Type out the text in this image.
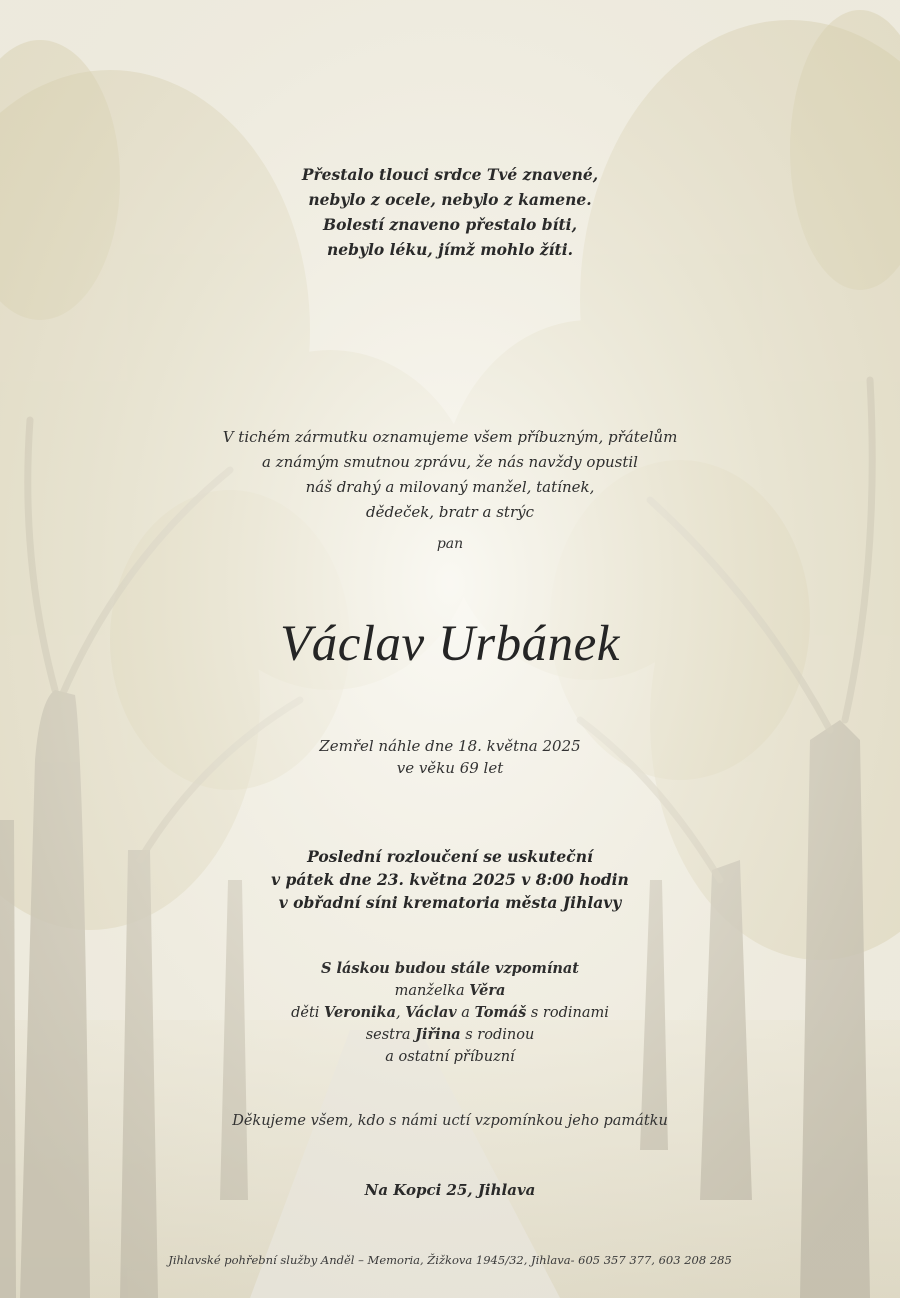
Přestalo tlouci srdce Tvé znavené,
nebylo z ocele, nebylo z kamene.
Bolestí znaveno přestalo bíti,
nebylo léku, jímž mohlo žíti.
V tichém zármutku oznamujeme všem příbuzným, přátelům
a známým smutnou zprávu, že nás navždy opustil
náš drahý a milovaný manžel, tatínek,
dědeček, bratr a strýc
pan
Václav Urbánek
Zemřel náhle dne 18. května 2025
ve věku 69 let
Poslední rozloučení se uskuteční
v pátek dne 23. května 2025 v 8:00 hodin
v obřadní síni krematoria města Jihlavy
S láskou budou stále vzpomínat
manželka Věra
děti Veronika, Václav a Tomáš s rodinami
sestra Jiřina s rodinou
a ostatní příbuzní
Děkujeme všem, kdo s námi uctí vzpomínkou jeho památku
Na Kopci 25, Jihlava
Jihlavské pohřební služby Anděl – Memoria, Žižkova 1945/32, Jihlava- 605 357 377, 603 208 285
